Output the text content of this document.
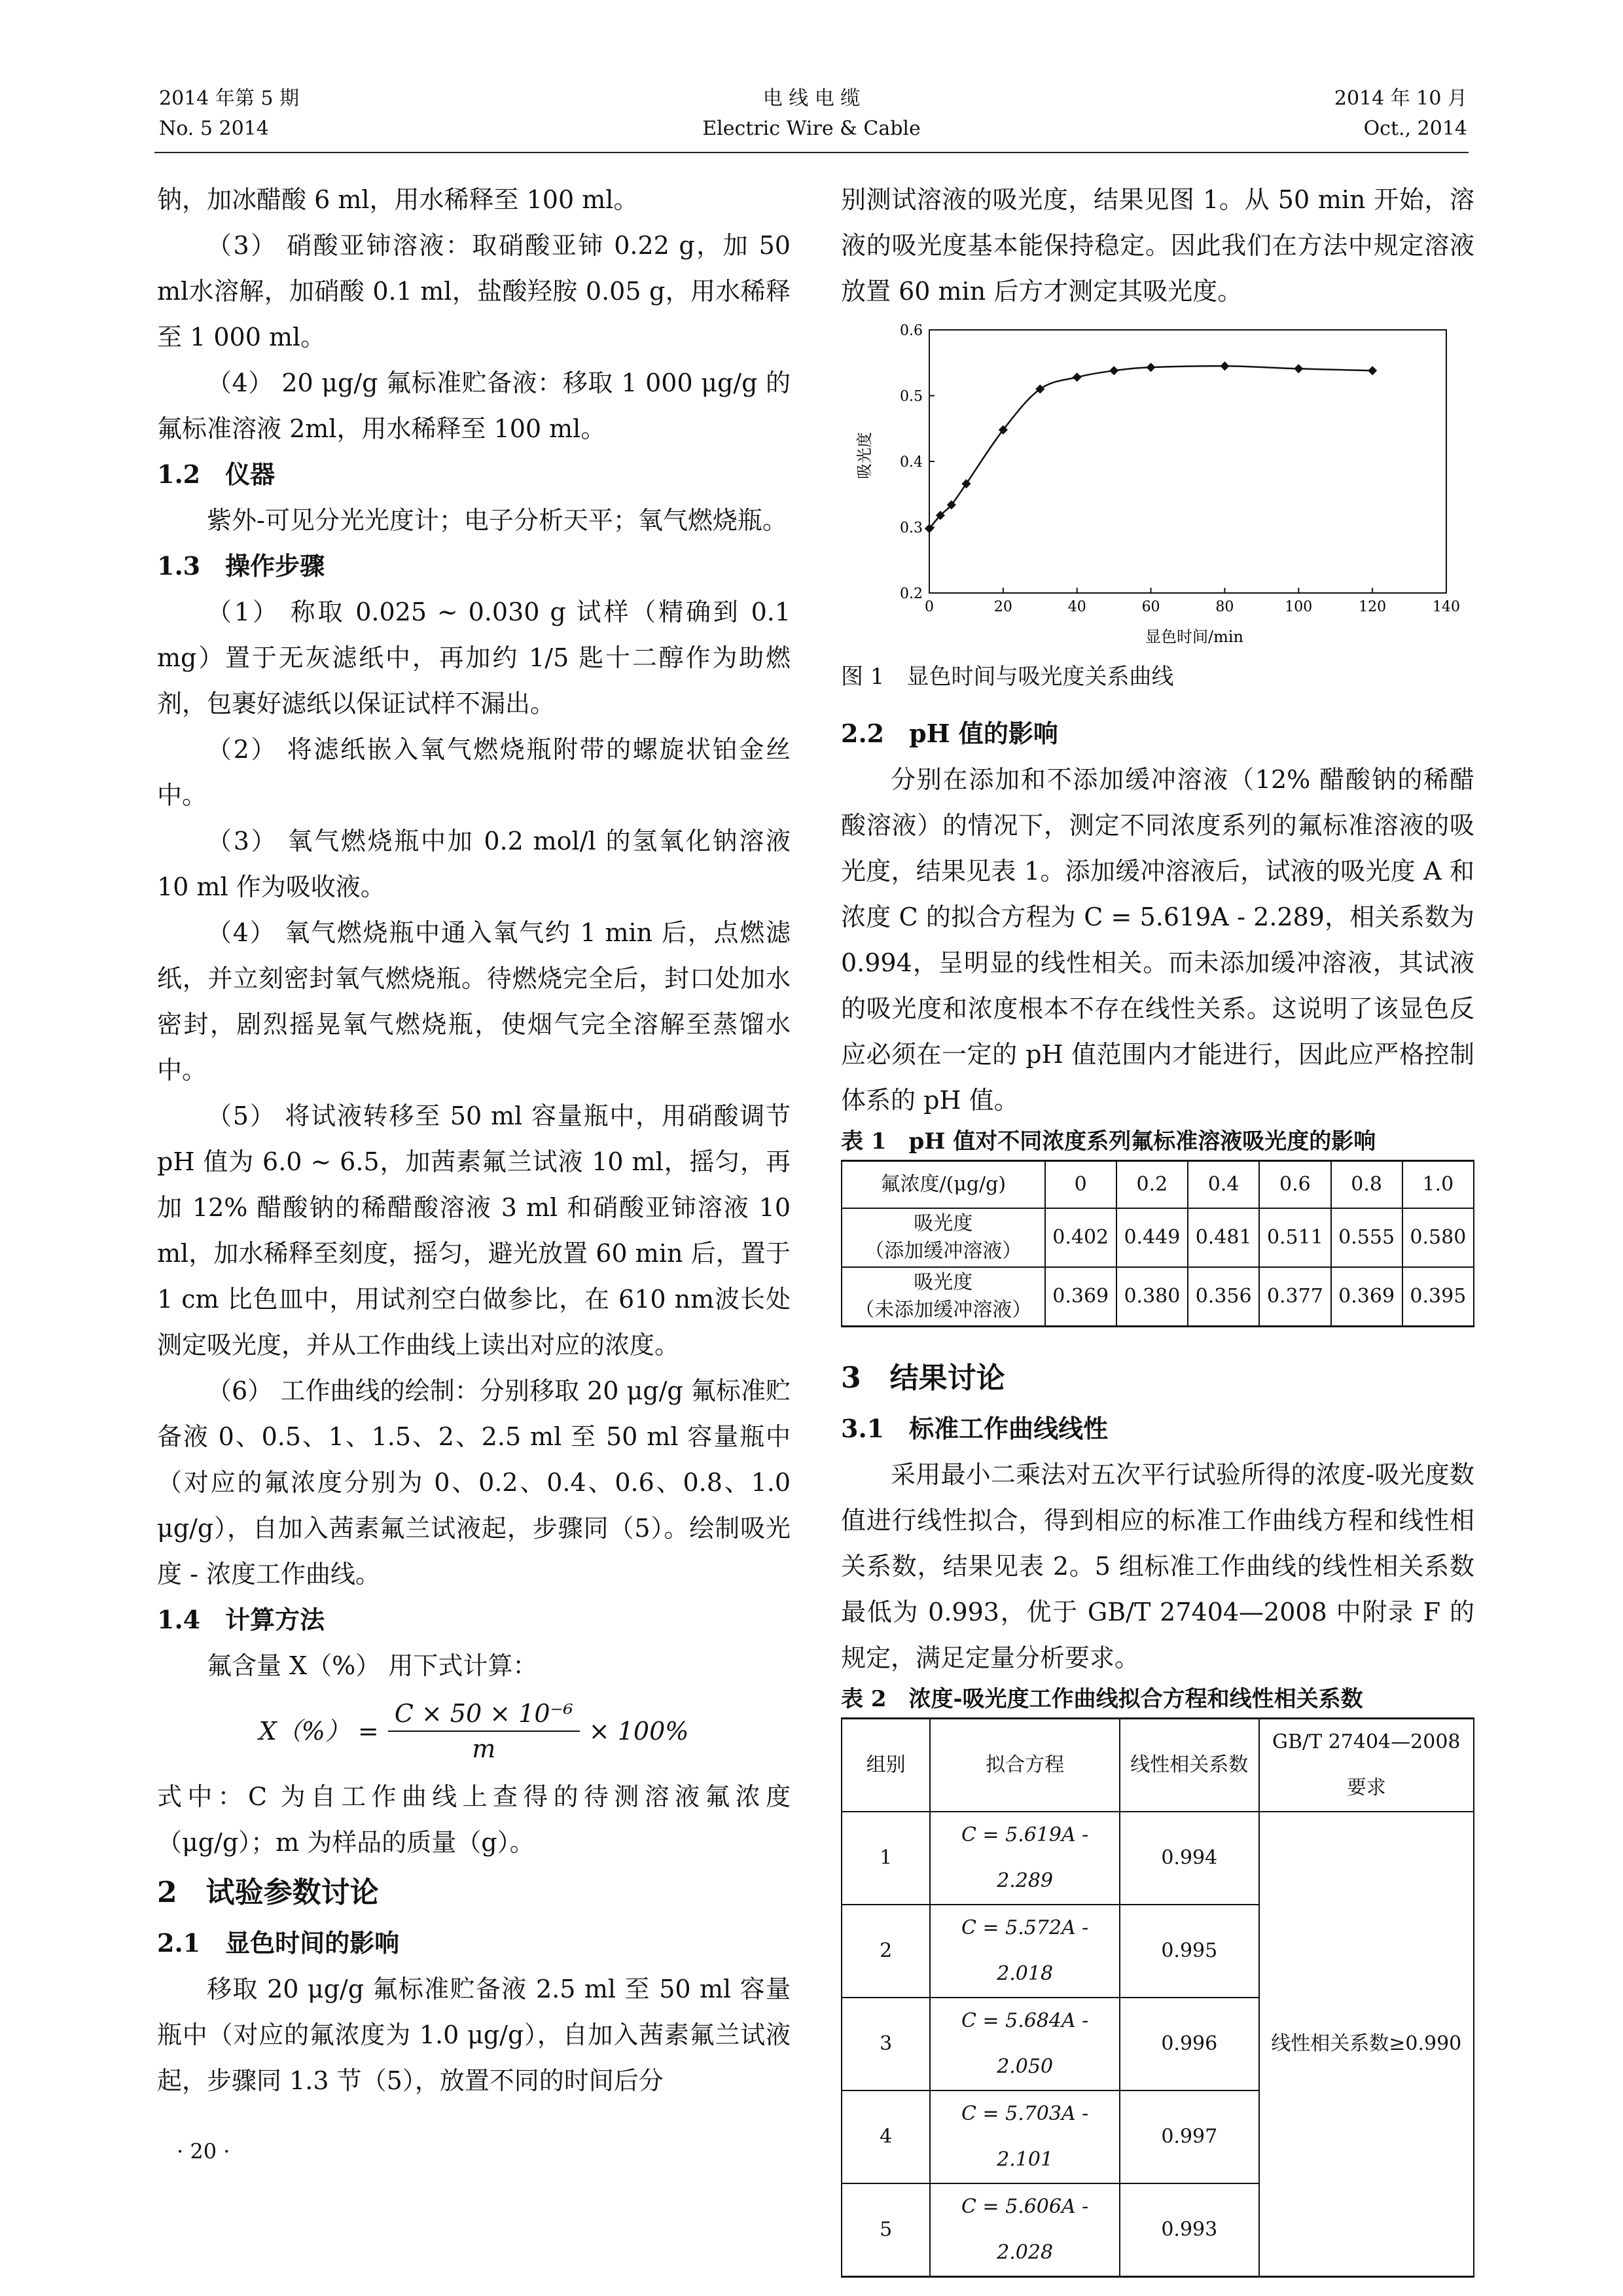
2014 年第 5 期
No. 5 2014
电 线 电 缆
Electric Wire & Cable
2014 年 10 月
Oct., 2014

钠，加冰醋酸 6 ml，用水稀释至 100 ml。

（3） 硝酸亚铈溶液：取硝酸亚铈 0.22 g，加 50 ml水溶解，加硝酸 0.1 ml，盐酸羟胺 0.05 g，用水稀释至 1 000 ml。

（4） 20 μg/g 氟标准贮备液：移取 1 000 μg/g 的氟标准溶液 2ml，用水稀释至 100 ml。

1.2　仪器

紫外-可见分光光度计；电子分析天平；氧气燃烧瓶。

1.3　操作步骤

（1） 称取 0.025 ~ 0.030 g 试样（精确到 0.1 mg）置于无灰滤纸中，再加约 1/5 匙十二醇作为助燃剂，包裹好滤纸以保证试样不漏出。

（2） 将滤纸嵌入氧气燃烧瓶附带的螺旋状铂金丝中。

（3） 氧气燃烧瓶中加 0.2 mol/l 的氢氧化钠溶液 10 ml 作为吸收液。

（4） 氧气燃烧瓶中通入氧气约 1 min 后，点燃滤纸，并立刻密封氧气燃烧瓶。待燃烧完全后，封口处加水密封，剧烈摇晃氧气燃烧瓶，使烟气完全溶解至蒸馏水中。

（5） 将试液转移至 50 ml 容量瓶中，用硝酸调节 pH 值为 6.0 ~ 6.5，加茜素氟兰试液 10 ml，摇匀，再加 12% 醋酸钠的稀醋酸溶液 3 ml 和硝酸亚铈溶液 10 ml，加水稀释至刻度，摇匀，避光放置 60 min 后，置于 1 cm 比色皿中，用试剂空白做参比，在 610 nm波长处测定吸光度，并从工作曲线上读出对应的浓度。

（6） 工作曲线的绘制：分别移取 20 μg/g 氟标准贮备液 0、0.5、1、1.5、2、2.5 ml 至 50 ml 容量瓶中（对应的氟浓度分别为 0、0.2、0.4、0.6、0.8、1.0 μg/g），自加入茜素氟兰试液起，步骤同（5）。绘制吸光度 - 浓度工作曲线。

1.4　计算方法

氟含量 X（%） 用下式计算：

$X(\%) = \frac{\text{C × 50 × 10⁻⁶}}{m} \times 100\%$

式中：C 为自工作曲线上查得的待测溶液氟浓度（μg/g）；m 为样品的质量（g）。

2　试验参数讨论

2.1　显色时间的影响

移取 20 μg/g 氟标准贮备液 2.5 ml 至 50 ml 容量瓶中（对应的氟浓度为 1.0 μg/g），自加入茜素氟兰试液起，步骤同 1.3 节（5），放置不同的时间后分

别测试溶液的吸光度，结果见图 1。从 50 min 开始，溶液的吸光度基本能保持稳定。因此我们在方法中规定溶液放置 60 min 后方才测定其吸光度。

0	20	40	60	80	100	120	140
0.2
0.3
0.4
0.5
0.6
显色时间/min
吸光度

图 1　显色时间与吸光度关系曲线

2.2　pH 值的影响

分别在添加和不添加缓冲溶液（12% 醋酸钠的稀醋酸溶液）的情况下，测定不同浓度系列的氟标准溶液的吸光度，结果见表 1。添加缓冲溶液后，试液的吸光度 A 和浓度 C 的拟合方程为 C = 5.619A - 2.289，相关系数为 0.994，呈明显的线性相关。而未添加缓冲溶液，其试液的吸光度和浓度根本不存在线性关系。这说明了该显色反应必须在一定的 pH 值范围内才能进行，因此应严格控制体系的 pH 值。

表 1　pH 值对不同浓度系列氟标准溶液吸光度的影响

氟浓度/(μg/g)	0	0.2	0.4	0.6	0.8	1.0

吸光度
（添加缓冲溶液）	0.402	0.449	0.481	0.511	0.555	0.580

吸光度
（未添加缓冲溶液）	0.369	0.380	0.356	0.377	0.369	0.395

3　结果讨论

3.1　标准工作曲线线性

采用最小二乘法对五次平行试验所得的浓度-吸光度数值进行线性拟合，得到相应的标准工作曲线方程和线性相关系数，结果见表 2。5 组标准工作曲线的线性相关系数最低为 0.993，优于 GB/T 27404—2008 中附录 F 的规定，满足定量分析要求。

表 2　浓度-吸光度工作曲线拟合方程和线性相关系数

组别	拟合方程	线性相关系数	GB/T 27404—2008 要求
1	C = 5.619A - 2.289	0.994	线性相关系数≥0.990
2	C = 5.572A - 2.018	0.995	
3	C = 5.684A - 2.050	0.996	
4	C = 5.703A - 2.101	0.997	
5	C = 5.606A - 2.028	0.993	
· 20 ·
